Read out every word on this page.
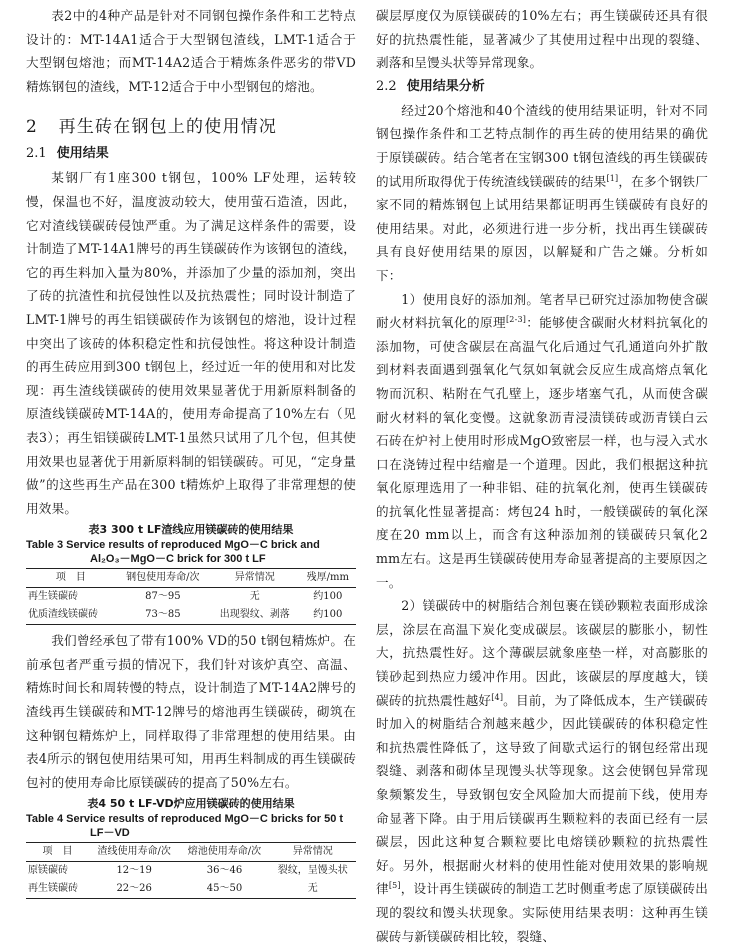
表2中的4种产品是针对不同钢包操作条件和工艺特点设计的：MT-14A1适合于大型钢包渣线，LMT-1适合于大型钢包熔池；而MT-14A2适合于精炼条件恶劣的带VD精炼钢包的渣线，MT-12适合于中小型钢包的熔池。

2 再生砖在钢包上的使用情况
2.1 使用结果

某钢厂有1座300 t钢包，100% LF处理，运转较慢，保温也不好，温度波动较大，使用萤石造渣，因此，它对渣线镁碳砖侵蚀严重。为了满足这样条件的需要，设计制造了MT-14A1牌号的再生镁碳砖作为该钢包的渣线，它的再生料加入量为80%，并添加了少量的添加剂，突出了砖的抗渣性和抗侵蚀性以及抗热震性；同时设计制造了LMT-1牌号的再生铝镁碳砖作为该钢包的熔池，设计过程中突出了该砖的体积稳定性和抗侵蚀性。将这种设计制造的再生砖应用到300 t钢包上，经过近一年的使用和对比发现：再生渣线镁碳砖的使用效果显著优于用新原料制备的原渣线镁碳砖MT-14A的，使用寿命提高了10%左右（见表3）；再生铝镁碳砖LMT-1虽然只试用了几个包，但其使用效果也显著优于用新原料制的铝镁碳砖。可见，“定身量做”的这些再生产品在300 t精炼炉上取得了非常理想的使用效果。

表3 300 t LF渣线应用镁碳砖的使用结果
Table 3 Service results of reproduced MgO－C brick and
Al₂O₃－MgO－C brick for 300 t LF
项　目	钢包使用寿命/次	异常情况	残厚/mm
再生镁碳砖	87～95	无	约100
优质渣线镁碳砖	73～85	出现裂纹、剥落	约100

我们曾经承包了带有100% VD的50 t钢包精炼炉。在前承包者严重亏损的情况下，我们针对该炉真空、高温、精炼时间长和周转慢的特点，设计制造了MT-14A2牌号的渣线再生镁碳砖和MT-12牌号的熔池再生镁碳砖，砌筑在这种钢包精炼炉上，同样取得了非常理想的使用结果。由表4所示的钢包使用结果可知，用再生料制成的再生镁碳砖包衬的使用寿命比原镁碳砖的提高了50%左右。

表4 50 t LF-VD炉应用镁碳砖的使用结果
Table 4 Service results of reproduced MgO－C bricks for 50 t
LF－VD
项　目	渣线使用寿命/次	熔池使用寿命/次	异常情况
原镁碳砖	12～19	36～46	裂纹，呈馒头状
再生镁碳砖	22～26	45～50	无

碳层厚度仅为原镁碳砖的10%左右；再生镁碳砖还具有很好的抗热震性能，显著减少了其使用过程中出现的裂缝、剥落和呈馒头状等异常现象。

2.2 使用结果分析

经过20个熔池和40个渣线的使用结果证明，针对不同钢包操作条件和工艺特点制作的再生砖的使用结果的确优于原镁碳砖。结合笔者在宝钢300 t钢包渣线的再生镁碳砖的试用所取得优于传统渣线镁碳砖的结果[1]，在多个钢铁厂家不同的精炼钢包上试用结果都证明再生镁碳砖有良好的使用结果。对此，必须进行进一步分析，找出再生镁碳砖具有良好使用结果的原因，以解疑和广告之嫌。分析如下：

1）使用良好的添加剂。笔者早已研究过添加物使含碳耐火材料抗氧化的原理[2-3]：能够使含碳耐火材料抗氧化的添加物，可使含碳层在高温气化后通过气孔通道向外扩散到材料表面遇到强氧化气氛如氧就会反应生成高熔点氧化物而沉积、粘附在气孔壁上，逐步堵塞气孔，从而使含碳耐火材料的氧化变慢。这就象沥青浸渍镁砖或沥青镁白云石砖在炉衬上使用时形成MgO致密层一样，也与浸入式水口在浇铸过程中结瘤是一个道理。因此，我们根据这种抗氧化原理选用了一种非铝、硅的抗氧化剂，使再生镁碳砖的抗氧化性显著提高：烤包24 h时，一般镁碳砖的氧化深度在20 mm以上，而含有这种添加剂的镁碳砖只氧化2 mm左右。这是再生镁碳砖使用寿命显著提高的主要原因之一。

2）镁碳砖中的树脂结合剂包裹在镁砂颗粒表面形成涂层，涂层在高温下炭化变成碳层。该碳层的膨胀小，韧性大，抗热震性好。这个薄碳层就象座垫一样，对高膨胀的镁砂起到热应力缓冲作用。因此，该碳层的厚度越大，镁碳砖的抗热震性越好[4]。目前，为了降低成本，生产镁碳砖时加入的树脂结合剂越来越少，因此镁碳砖的体积稳定性和抗热震性降低了，这导致了间歇式运行的钢包经常出现裂缝、剥落和砌体呈现馒头状等现象。这会使钢包异常现象频繁发生，导致钢包安全风险加大而提前下线，使用寿命显著下降。由于用后镁碳再生颗粒料的表面已经有一层碳层，因此这种复合颗粒要比电熔镁砂颗粒的抗热震性好。另外，根据耐火材料的使用性能对使用效果的影响规律[5]，设计再生镁碳砖的制造工艺时侧重考虑了原镁碳砖出现的裂纹和馒头状现象。实际使用结果表明：这种再生镁碳砖与新镁碳砖相比较，裂缝、
